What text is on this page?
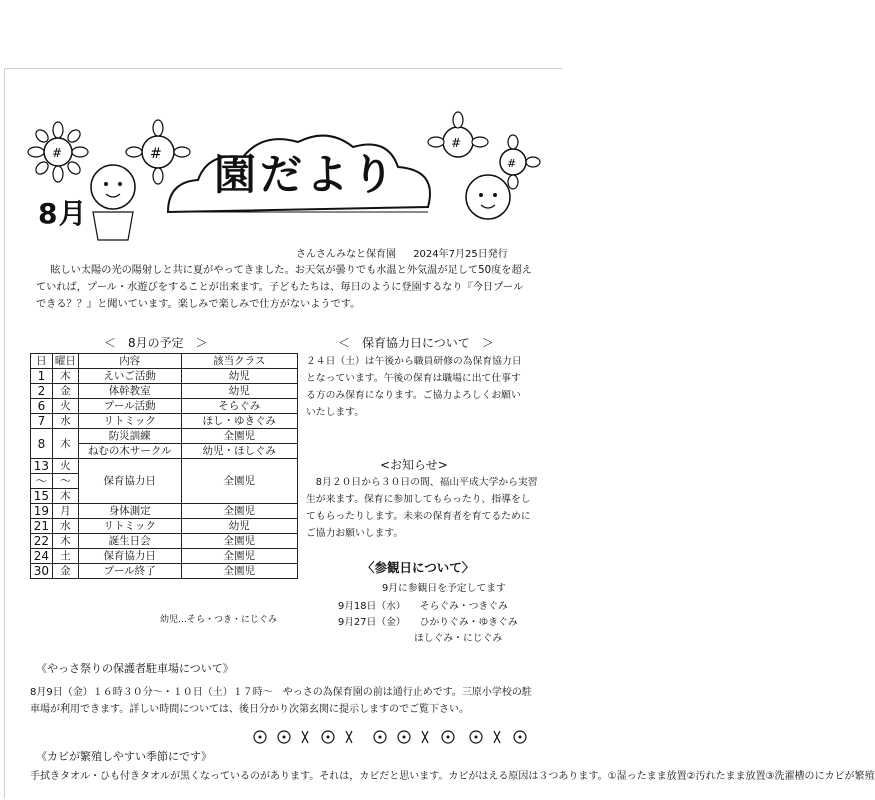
#	#
#
#
8月
園だより
さんさんみなと保育園 2024年7月25日発行

眩しい太陽の光の陽射しと共に夏がやってきました。お天気が曇りでも水温と外気温が足して50度を超えていれば，プール・水遊びをすることが出来ます。子どもたちは、毎日のように登園するなり『今日プールできる？？』と聞いています。楽しみで楽しみで仕方がないようです。

＜　8月の予定　＞
日	曜日	内容	該当クラス
1	木	えいご活動	幼児
2	金	体幹教室	幼児
6	火	プール活動	そらぐみ
7	水	リトミック	ほし・ゆきぐみ
8	木	防災訓練	全園児
		ねむの木サークル	幼児・ほしぐみ
13	火	保育協力日	全園児
～	～		
15	木		
19	月	身体測定	全園児
21	水	リトミック	幼児
22	木	誕生日会	全園児
24	土	保育協力日	全園児
30	金	プール終了	全園児
幼児…そら・つき・にじぐみ
＜　保育協力日について　＞

２４日（土）は午後から職員研修の為保育協力日となっています。午後の保育は職場に出て仕事する方のみ保育になります。ご協力よろしくお願いいたします。

<お知らせ>

8月２０日から３０日の間、福山平成大学から実習生が来ます。保育に参加してもらったり、指導をしてもらったりします。未来の保育者を育てるためにご協力お願いします。

〈参観日について〉
9月に参観日を予定してます
9月18日（水） そらぐみ・つきぐみ
9月27日（金） ひかりぐみ・ゆきぐみ
ほしぐみ・にじぐみ
《やっさ祭りの保護者駐車場について》

8月9日（金）１６時３０分～・１０日（土）１７時～　やっさの為保育園の前は通行止めです。三原小学校の駐車場が利用できます。詳しい時間については、後日分かり次第玄関に提示しますのでご覧下さい。

《カビが繁殖しやすい季節にです》

手拭きタオル・ひも付きタオルが黒くなっているのがあります。それは，カビだと思います。カビがはえる原因は３つあります。①湿ったまま放置②汚れたまま放置③洗濯槽のにカビが繁殖
